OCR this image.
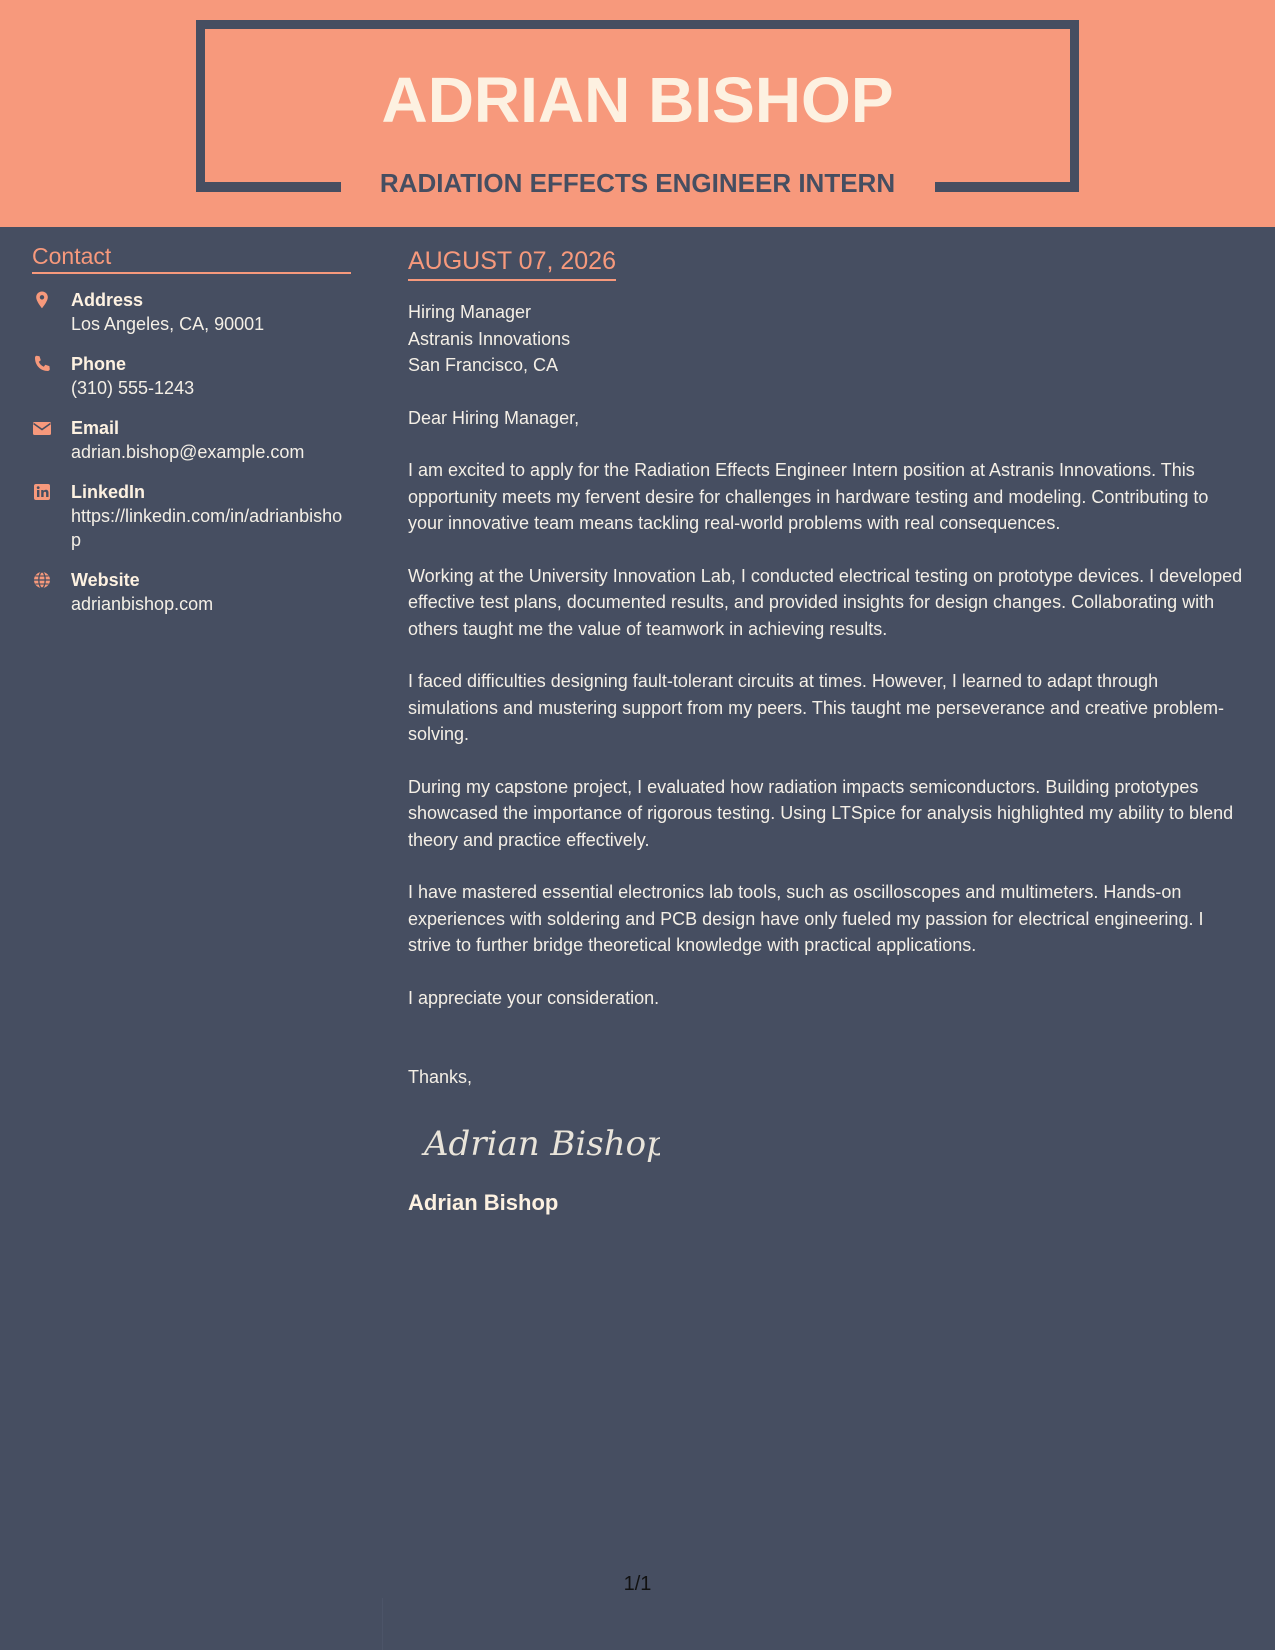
ADRIAN BISHOP
RADIATION EFFECTS ENGINEER INTERN
Contact
Address
Los Angeles, CA, 90001
Phone
(310) 555-1243
Email
adrian.bishop@example.com
LinkedIn
https://linkedin.com/in/adrianbishop
Website
adrianbishop.com
AUGUST 07, 2026
Hiring Manager
Astranis Innovations
San Francisco, CA
Dear Hiring Manager,
I am excited to apply for the Radiation Effects Engineer Intern position at Astranis Innovations. This opportunity meets my fervent desire for challenges in hardware testing and modeling. Contributing to your innovative team means tackling real-world problems with real consequences.
Working at the University Innovation Lab, I conducted electrical testing on prototype devices. I developed effective test plans, documented results, and provided insights for design changes. Collaborating with others taught me the value of teamwork in achieving results.
I faced difficulties designing fault-tolerant circuits at times. However, I learned to adapt through simulations and mustering support from my peers. This taught me perseverance and creative problem-solving.
During my capstone project, I evaluated how radiation impacts semiconductors. Building prototypes showcased the importance of rigorous testing. Using LTSpice for analysis highlighted my ability to blend theory and practice effectively.
I have mastered essential electronics lab tools, such as oscilloscopes and multimeters. Hands-on experiences with soldering and PCB design have only fueled my passion for electrical engineering. I strive to further bridge theoretical knowledge with practical applications.
I appreciate your consideration.
Thanks,
Adrian Bishop
Adrian Bishop
1/1
